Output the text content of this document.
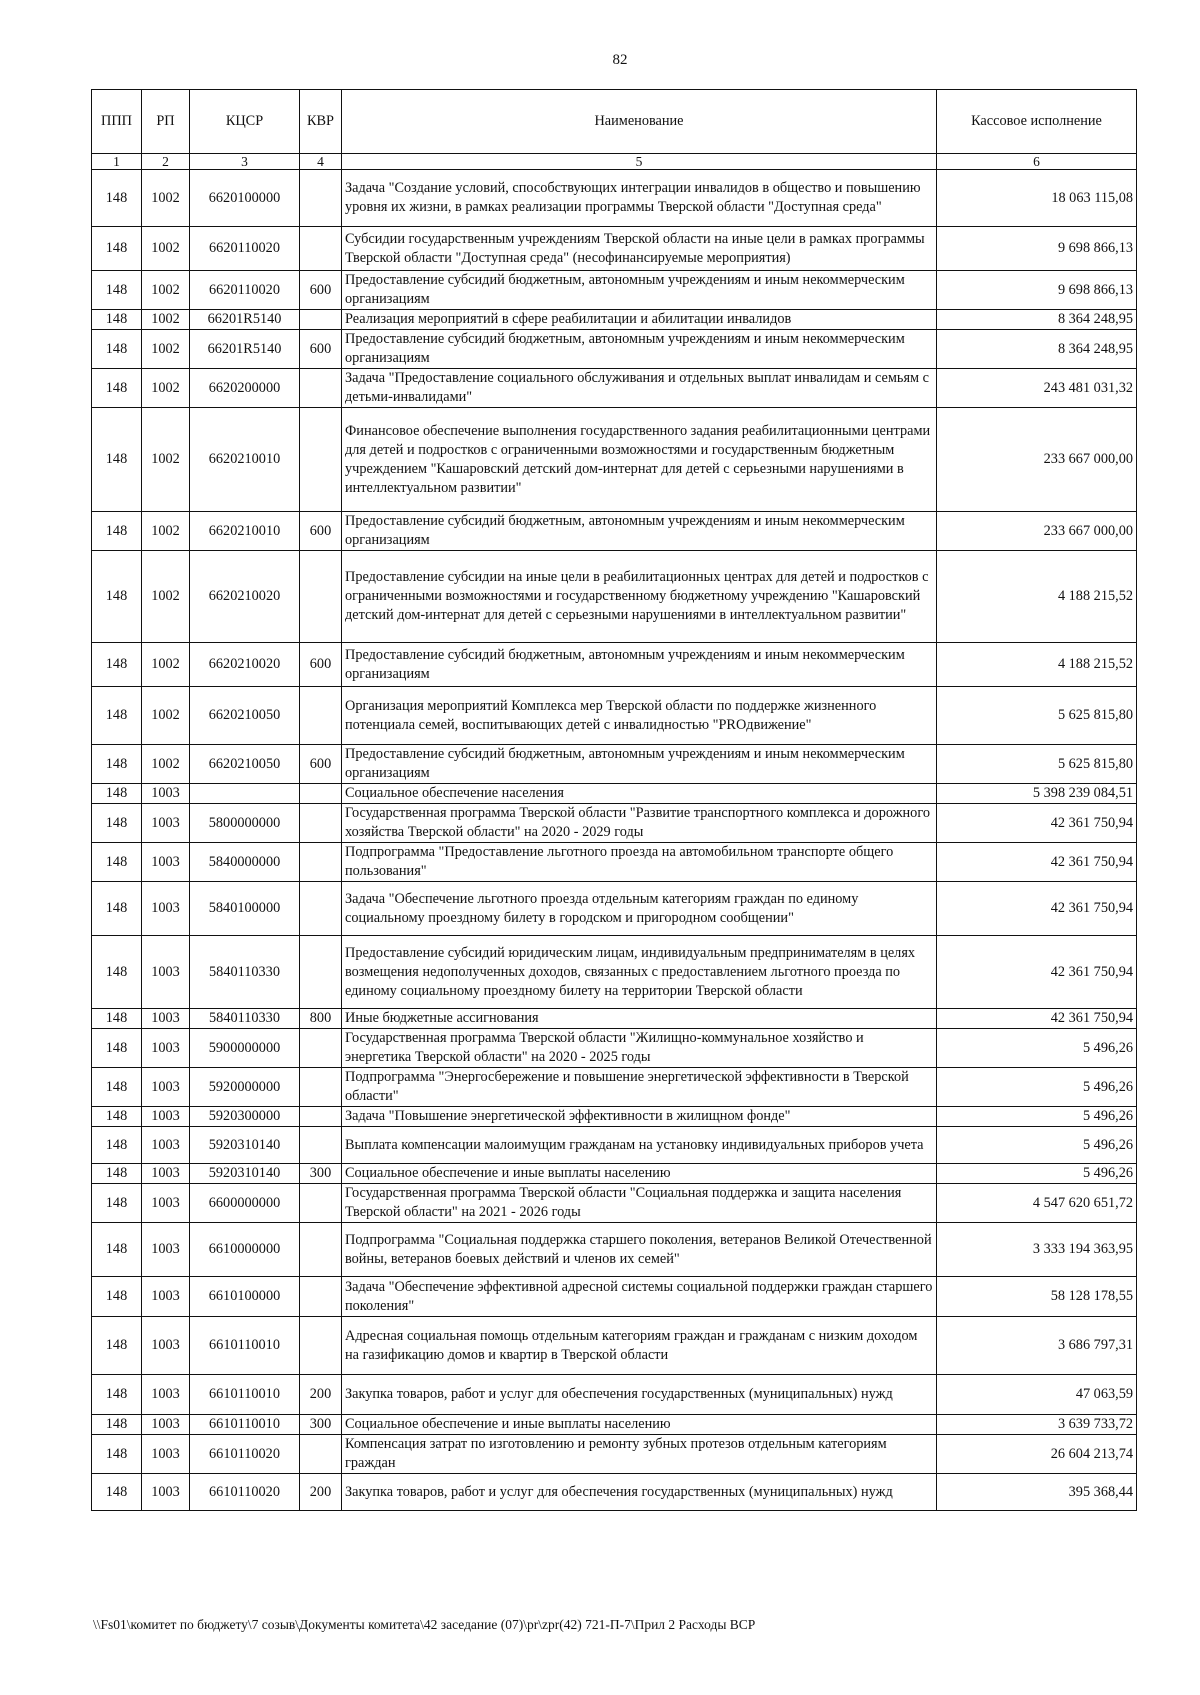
82
ППП	РП	КЦСР	КВР	Наименование	Кассовое исполнение
1	2	3	4	5	6
148	1002	6620100000		Задача "Создание условий, способствующих интеграции инвалидов в общество и повышению уровня их жизни, в рамках реализации программы Тверской области "Доступная среда"	18 063 115,08
148	1002	6620110020		Субсидии государственным учреждениям Тверской области на иные цели в рамках программы Тверской области "Доступная среда" (несофинансируемые мероприятия)	9 698 866,13
148	1002	6620110020	600	Предоставление субсидий бюджетным, автономным учреждениям и иным некоммерческим организациям	9 698 866,13
148	1002	66201R5140		Реализация мероприятий в сфере реабилитации и абилитации инвалидов	8 364 248,95
148	1002	66201R5140	600	Предоставление субсидий бюджетным, автономным учреждениям и иным некоммерческим организациям	8 364 248,95
148	1002	6620200000		Задача "Предоставление социального обслуживания и отдельных выплат инвалидам и семьям с детьми-инвалидами"	243 481 031,32
148	1002	6620210010		Финансовое обеспечение выполнения государственного задания реабилитационными центрами для детей и подростков с ограниченными возможностями и государственным бюджетным учреждением "Кашаровский детский дом-интернат для детей с серьезными нарушениями в интеллектуальном развитии"	233 667 000,00
148	1002	6620210010	600	Предоставление субсидий бюджетным, автономным учреждениям и иным некоммерческим организациям	233 667 000,00
148	1002	6620210020		Предоставление субсидии на иные цели в реабилитационных центрах для детей и подростков с ограниченными возможностями и государственному бюджетному учреждению "Кашаровский детский дом-интернат для детей с серьезными нарушениями в интеллектуальном развитии"	4 188 215,52
148	1002	6620210020	600	Предоставление субсидий бюджетным, автономным учреждениям и иным некоммерческим организациям	4 188 215,52
148	1002	6620210050		Организация мероприятий Комплекса мер Тверской области по поддержке жизненного потенциала семей, воспитывающих детей с инвалидностью "PROдвижение"	5 625 815,80
148	1002	6620210050	600	Предоставление субсидий бюджетным, автономным учреждениям и иным некоммерческим организациям	5 625 815,80
148	1003			Социальное обеспечение населения	5 398 239 084,51
148	1003	5800000000		Государственная программа Тверской области "Развитие транспортного комплекса и дорожного хозяйства Тверской области" на 2020 - 2029 годы	42 361 750,94
148	1003	5840000000		Подпрограмма "Предоставление льготного проезда на автомобильном транспорте общего пользования"	42 361 750,94
148	1003	5840100000		Задача "Обеспечение льготного проезда отдельным категориям граждан по единому социальному проездному билету в городском и пригородном сообщении"	42 361 750,94
148	1003	5840110330		Предоставление субсидий юридическим лицам, индивидуальным предпринимателям в целях возмещения недополученных доходов, связанных с предоставлением льготного проезда по единому социальному проездному билету на территории Тверской области	42 361 750,94
148	1003	5840110330	800	Иные бюджетные ассигнования	42 361 750,94
148	1003	5900000000		Государственная программа Тверской области "Жилищно-коммунальное хозяйство и энергетика Тверской области" на 2020 - 2025 годы	5 496,26
148	1003	5920000000		Подпрограмма "Энергосбережение и повышение энергетической эффективности в Тверской области"	5 496,26
148	1003	5920300000		Задача "Повышение энергетической эффективности в жилищном фонде"	5 496,26
148	1003	5920310140		Выплата компенсации малоимущим гражданам на установку индивидуальных приборов учета	5 496,26
148	1003	5920310140	300	Социальное обеспечение и иные выплаты населению	5 496,26
148	1003	6600000000		Государственная программа Тверской области "Социальная поддержка и защита населения Тверской области" на 2021 - 2026 годы	4 547 620 651,72
148	1003	6610000000		Подпрограмма "Социальная поддержка старшего поколения, ветеранов Великой Отечественной войны, ветеранов боевых действий и членов их семей"	3 333 194 363,95
148	1003	6610100000		Задача "Обеспечение эффективной адресной системы социальной поддержки граждан старшего поколения"	58 128 178,55
148	1003	6610110010		Адресная социальная помощь отдельным категориям граждан и гражданам с низким доходом на газификацию домов и квартир в Тверской области	3 686 797,31
148	1003	6610110010	200	Закупка товаров, работ и услуг для обеспечения государственных (муниципальных) нужд	47 063,59
148	1003	6610110010	300	Социальное обеспечение и иные выплаты населению	3 639 733,72
148	1003	6610110020		Компенсация затрат по изготовлению и ремонту зубных протезов отдельным категориям граждан	26 604 213,74
148	1003	6610110020	200	Закупка товаров, работ и услуг для обеспечения государственных (муниципальных) нужд	395 368,44
\\Fs01\комитет по бюджету\7 созыв\Документы комитета\42 заседание (07)\pr\zpr(42) 721-П-7\Прил 2 Расходы ВСР
